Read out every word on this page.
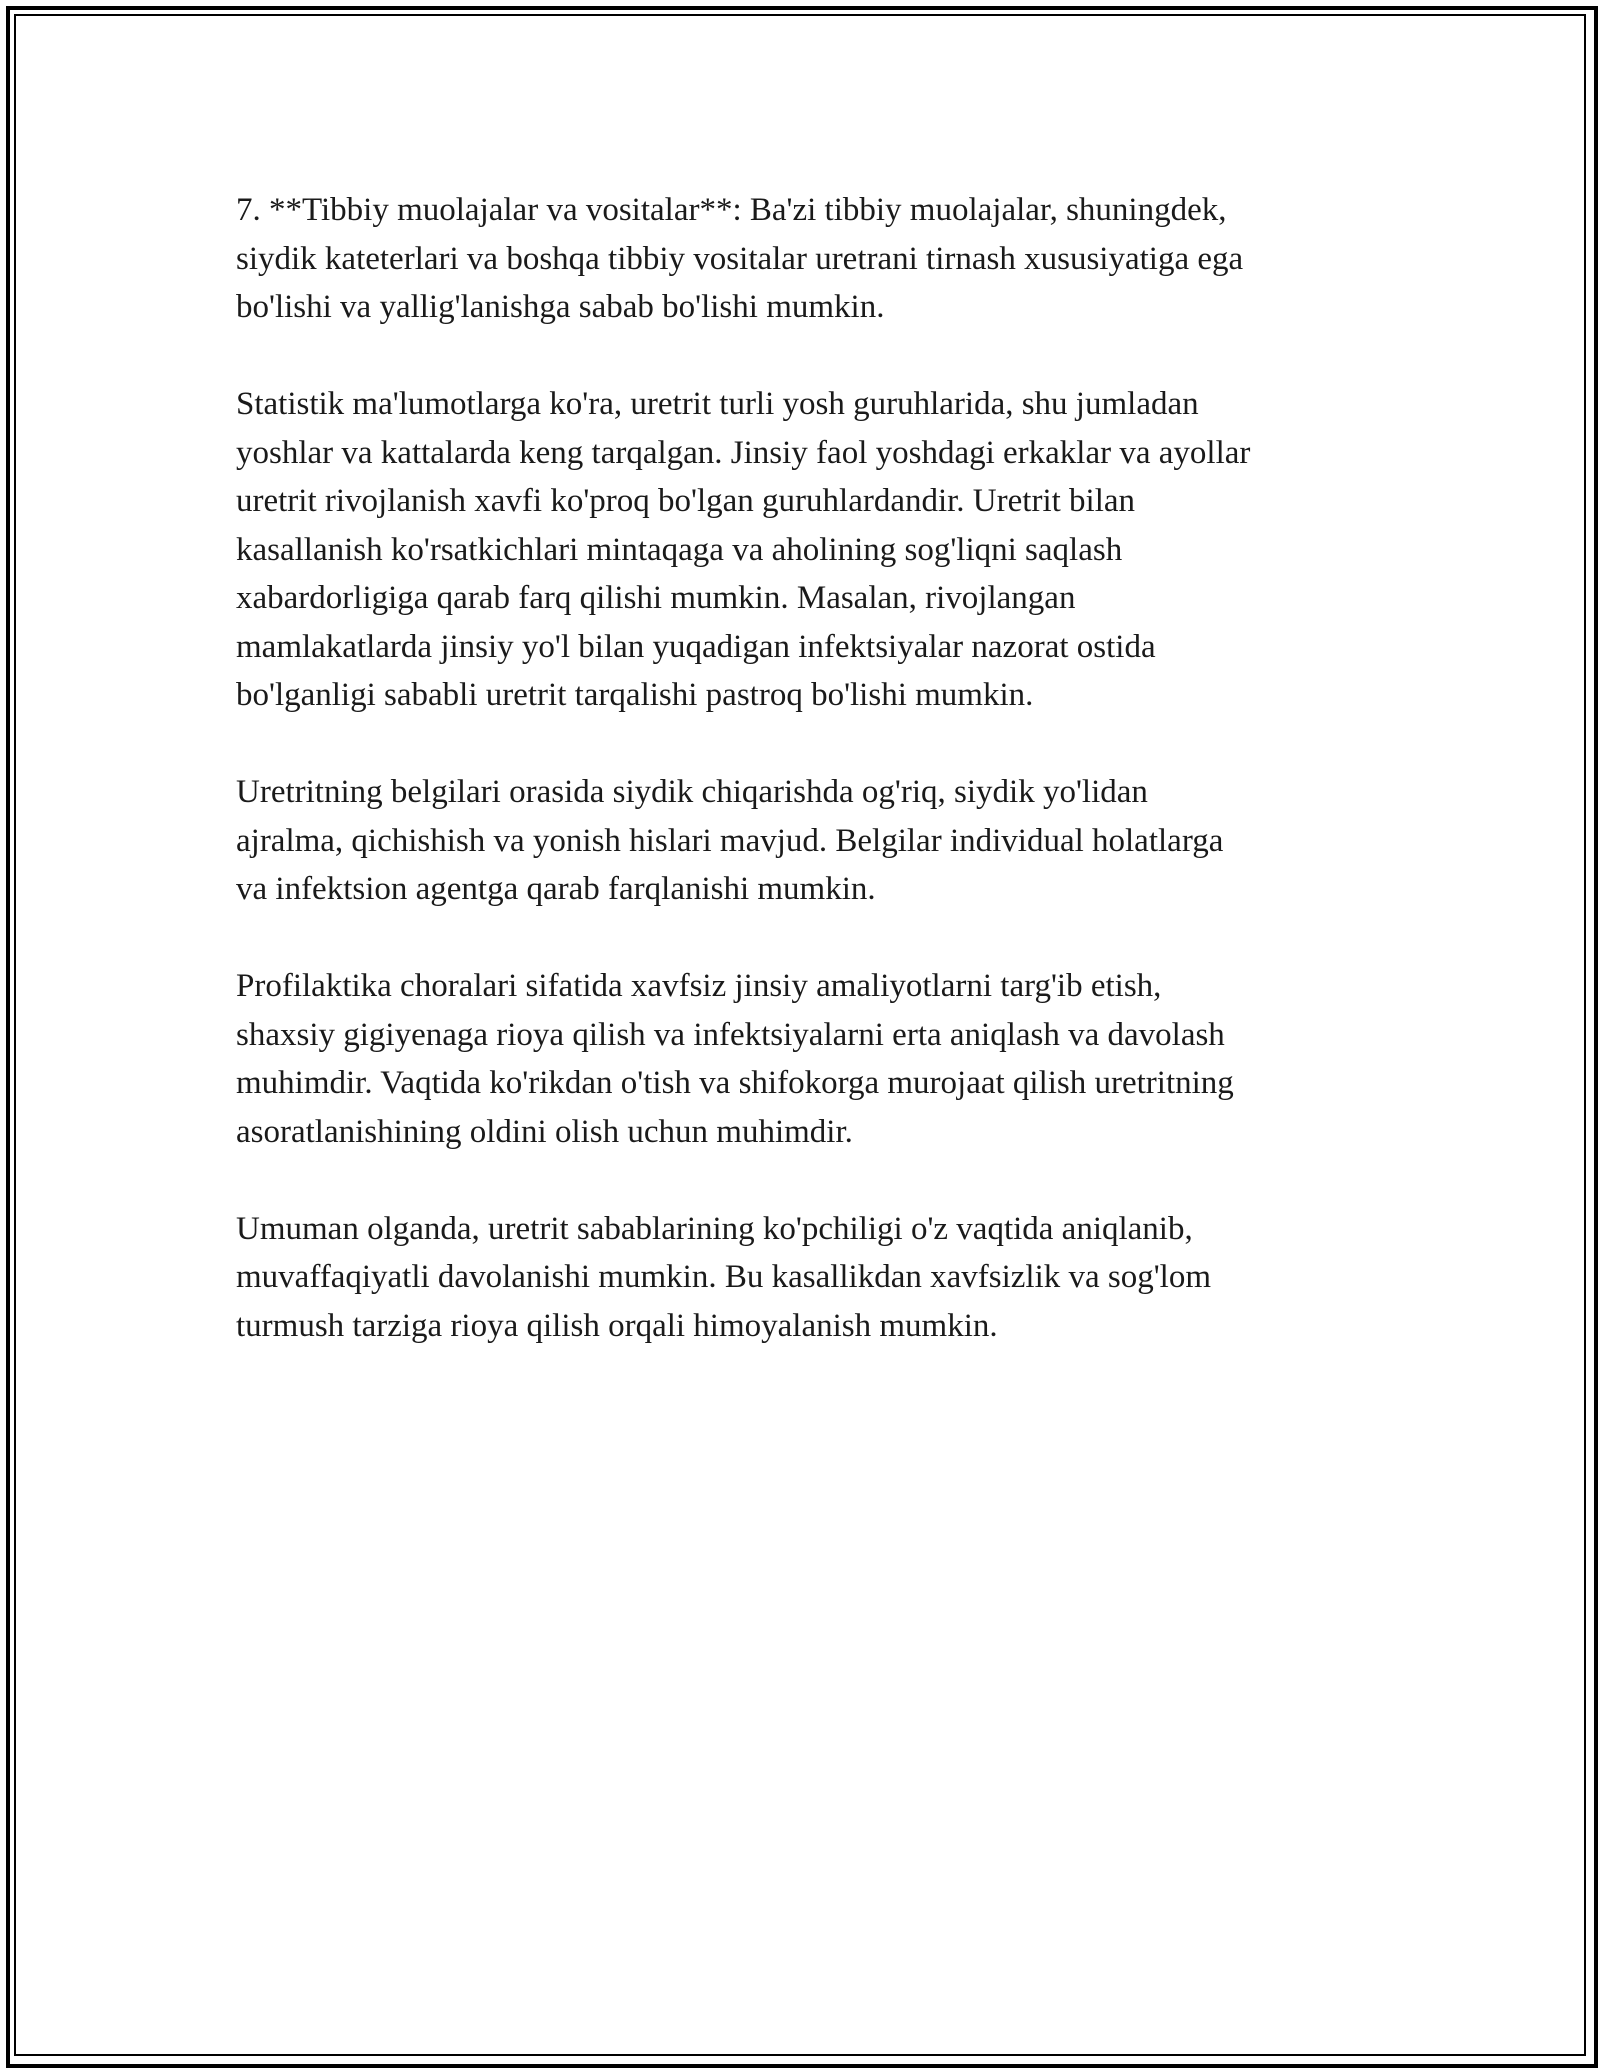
7. **Tibbiy muolajalar va vositalar**: Ba'zi tibbiy muolajalar, shuningdek,
siydik kateterlari va boshqa tibbiy vositalar uretrani tirnash xususiyatiga ega
bo'lishi va yallig'lanishga sabab bo'lishi mumkin.

Statistik ma'lumotlarga ko'ra, uretrit turli yosh guruhlarida, shu jumladan
yoshlar va kattalarda keng tarqalgan. Jinsiy faol yoshdagi erkaklar va ayollar
uretrit rivojlanish xavfi ko'proq bo'lgan guruhlardandir. Uretrit bilan
kasallanish ko'rsatkichlari mintaqaga va aholining sog'liqni saqlash
xabardorligiga qarab farq qilishi mumkin. Masalan, rivojlangan
mamlakatlarda jinsiy yo'l bilan yuqadigan infektsiyalar nazorat ostida
bo'lganligi sababli uretrit tarqalishi pastroq bo'lishi mumkin.

Uretritning belgilari orasida siydik chiqarishda og'riq, siydik yo'lidan
ajralma, qichishish va yonish hislari mavjud. Belgilar individual holatlarga
va infektsion agentga qarab farqlanishi mumkin.

Profilaktika choralari sifatida xavfsiz jinsiy amaliyotlarni targ'ib etish,
shaxsiy gigiyenaga rioya qilish va infektsiyalarni erta aniqlash va davolash
muhimdir. Vaqtida ko'rikdan o'tish va shifokorga murojaat qilish uretritning
asoratlanishining oldini olish uchun muhimdir.

Umuman olganda, uretrit sabablarining ko'pchiligi o'z vaqtida aniqlanib,
muvaffaqiyatli davolanishi mumkin. Bu kasallikdan xavfsizlik va sog'lom
turmush tarziga rioya qilish orqali himoyalanish mumkin.
